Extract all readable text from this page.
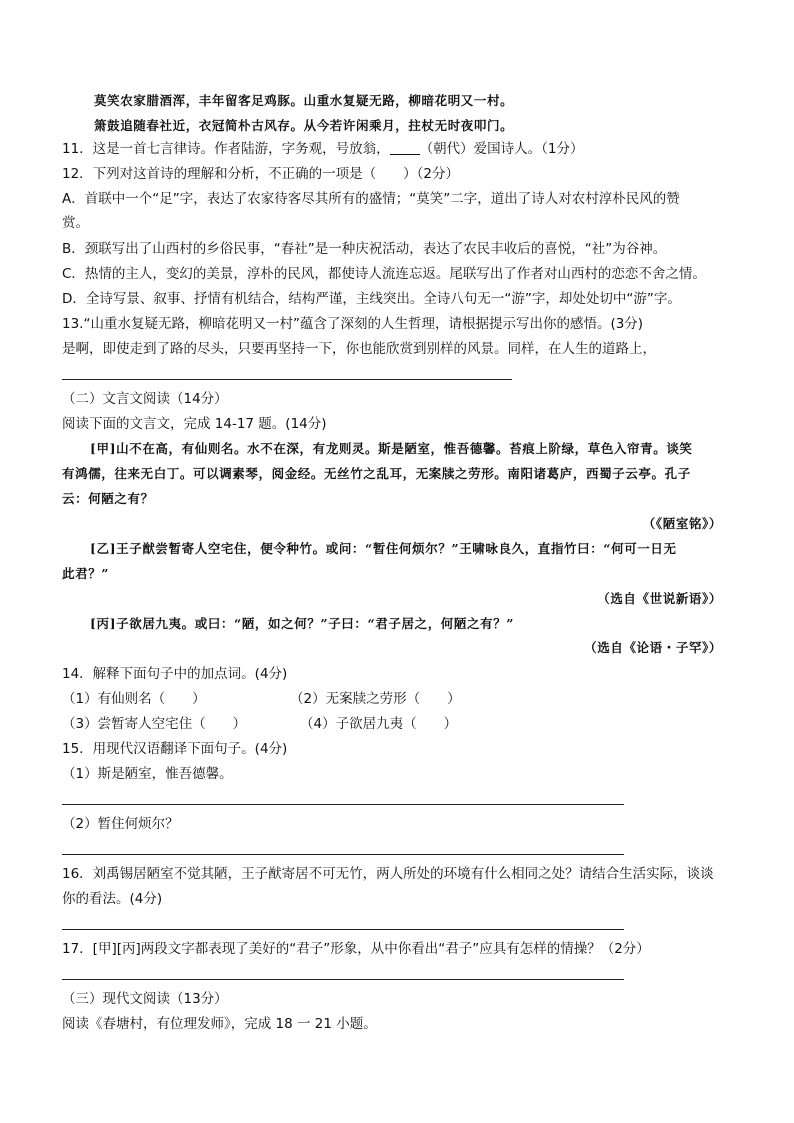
莫笑农家腊酒浑，丰年留客足鸡豚。山重水复疑无路，柳暗花明又一村。
箫鼓追随春社近，衣冠简朴古风存。从今若许闲乘月，拄杖无时夜叩门。
11．这是一首七言律诗。作者陆游，字务观，号放翁， （朝代）爱国诗人。（1分）
12．下列对这首诗的理解和分析，不正确的一项是（　　）（2分）
A．首联中一个“足”字，表达了农家待客尽其所有的盛情；“莫笑”二字，道出了诗人对农村淳朴民风的赞
赏。
B．颈联写出了山西村的乡俗民事，“春社”是一种庆祝活动，表达了农民丰收后的喜悦，“社”为谷神。
C．热情的主人，变幻的美景，淳朴的民风，都使诗人流连忘返。尾联写出了作者对山西村的恋恋不舍之情。
D．全诗写景、叙事、抒情有机结合，结构严谨，主线突出。全诗八句无一“游”字，却处处切中“游”字。
13.“山重水复疑无路，柳暗花明又一村”蕴含了深刻的人生哲理，请根据提示写出你的感悟。(3分)
是啊，即使走到了路的尽头，只要再坚持一下，你也能欣赏到别样的风景。同样，在人生的道路上，
（二）文言文阅读（14分）
阅读下面的文言文，完成 14-17 题。(14分)
[甲]山不在高，有仙则名。水不在深，有龙则灵。斯是陋室，惟吾德馨。苔痕上阶绿，草色入帘青。谈笑
有鸿儒，往来无白丁。可以调素琴，阅金经。无丝竹之乱耳，无案牍之劳形。南阳诸葛庐，西蜀子云亭。孔子
云：何陋之有？
（《陋室铭》）
[乙]王子猷尝暂寄人空宅住，便令种竹。或问：“暂住何烦尔？”王啸咏良久，直指竹曰：“何可一日无
此君？”
（选自《世说新语》）
[丙]子欲居九夷。或曰：“陋，如之何？”子曰：“君子居之，何陋之有？”
（选自《论语・子罕》）
14．解释下面句子中的加点词。(4分)
（1）有仙则名（　　）	（2）无案牍之劳形（　　）
（3）尝暂寄人空宅住（　　）	（4）子欲居九夷（　　）
15．用现代汉语翻译下面句子。(4分)
（1）斯是陋室，惟吾德馨。
（2）暂住何烦尔？
16．刘禹锡居陋室不觉其陋，王子猷寄居不可无竹，两人所处的环境有什么相同之处？请结合生活实际，谈谈
你的看法。(4分)
17．[甲][丙]两段文字都表现了美好的“君子”形象，从中你看出“君子”应具有怎样的情操？（2分）
（三）现代文阅读（13分）
阅读《春塘村，有位理发师》，完成 18 一 21 小题。
